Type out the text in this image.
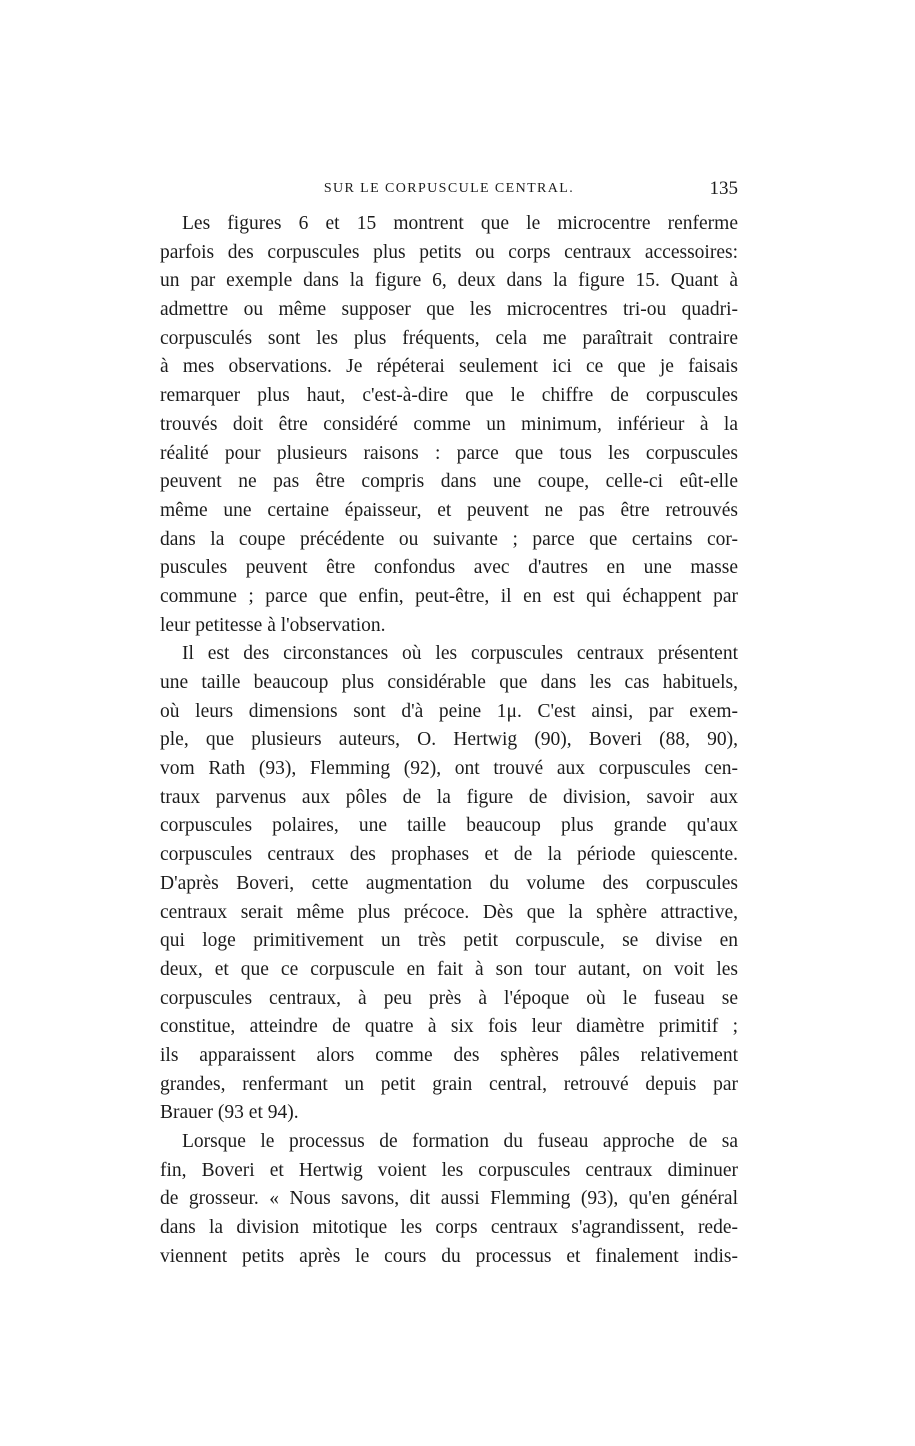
SUR LE CORPUSCULE CENTRAL.	135
Les figures 6 et 15 montrent que le microcentre renferme
parfois des corpuscules plus petits ou corps centraux accessoires:
un par exemple dans la figure 6, deux dans la figure 15. Quant à
admettre ou même supposer que les microcentres tri-ou quadri-
corpusculés sont les plus fréquents, cela me paraîtrait contraire
à mes observations. Je répéterai seulement ici ce que je faisais
remarquer plus haut, c'est-à-dire que le chiffre de corpuscules
trouvés doit être considéré comme un minimum, inférieur à la
réalité pour plusieurs raisons : parce que tous les corpuscules
peuvent ne pas être compris dans une coupe, celle-ci eût-elle
même une certaine épaisseur, et peuvent ne pas être retrouvés
dans la coupe précédente ou suivante ; parce que certains cor-
puscules peuvent être confondus avec d'autres en une masse
commune ; parce que enfin, peut-être, il en est qui échappent par
leur petitesse à l'observation.
Il est des circonstances où les corpuscules centraux présentent
une taille beaucoup plus considérable que dans les cas habituels,
où leurs dimensions sont d'à peine 1μ. C'est ainsi, par exem-
ple, que plusieurs auteurs, O. Hertwig (90), Boveri (88, 90),
vom Rath (93), Flemming (92), ont trouvé aux corpuscules cen-
traux parvenus aux pôles de la figure de division, savoir aux
corpuscules polaires, une taille beaucoup plus grande qu'aux
corpuscules centraux des prophases et de la période quiescente.
D'après Boveri, cette augmentation du volume des corpuscules
centraux serait même plus précoce. Dès que la sphère attractive,
qui loge primitivement un très petit corpuscule, se divise en
deux, et que ce corpuscule en fait à son tour autant, on voit les
corpuscules centraux, à peu près à l'époque où le fuseau se
constitue, atteindre de quatre à six fois leur diamètre primitif ;
ils apparaissent alors comme des sphères pâles relativement
grandes, renfermant un petit grain central, retrouvé depuis par
Brauer (93 et 94).
Lorsque le processus de formation du fuseau approche de sa
fin, Boveri et Hertwig voient les corpuscules centraux diminuer
de grosseur. « Nous savons, dit aussi Flemming (93), qu'en général
dans la division mitotique les corps centraux s'agrandissent, rede-
viennent petits après le cours du processus et finalement indis-
